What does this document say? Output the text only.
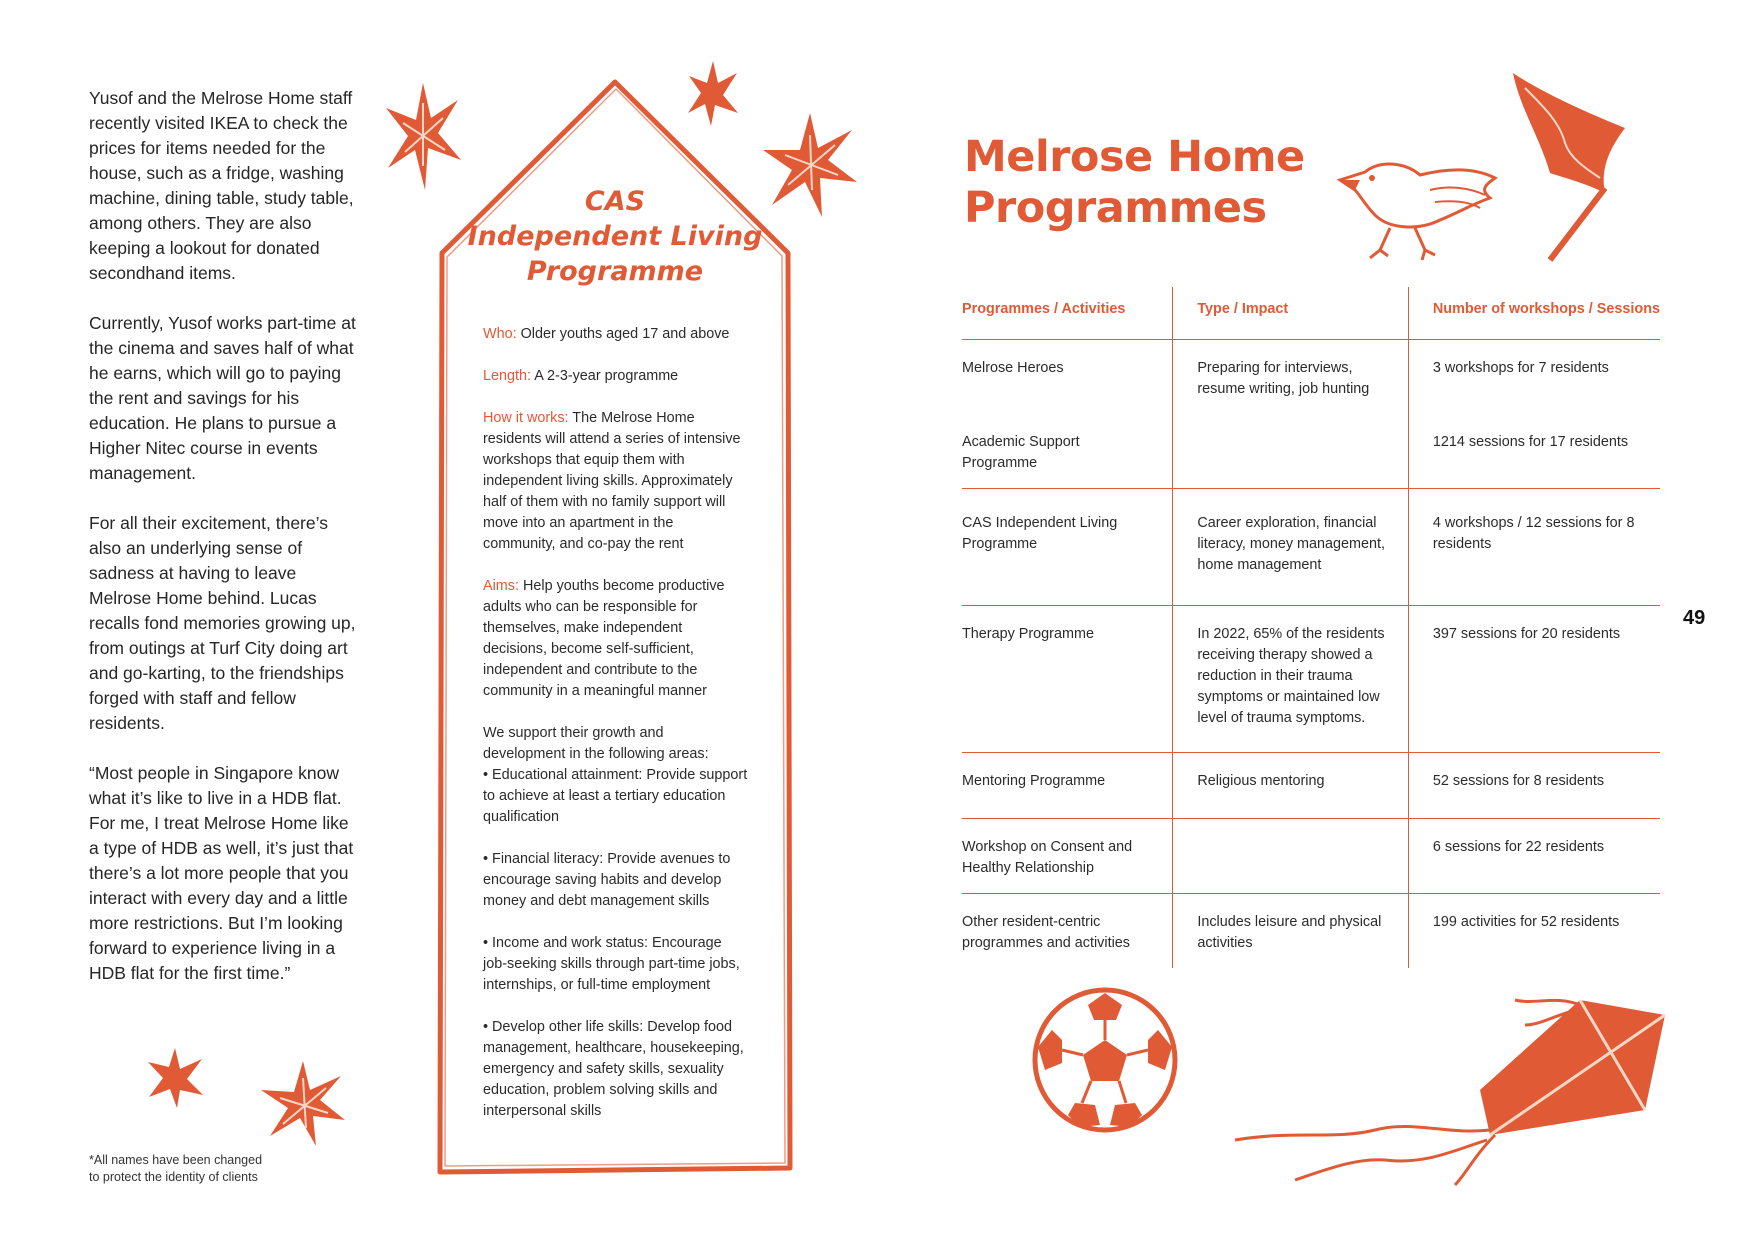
Yusof and the Melrose Home staff recently visited IKEA to check the prices for items needed for the house, such as a fridge, washing machine, dining table, study table, among others. They are also keeping a lookout for donated secondhand items.

Currently, Yusof works part-time at the cinema and saves half of what he earns, which will go to paying the rent and savings for his education. He plans to pursue a Higher Nitec course in events management.

For all their excitement, there’s also an underlying sense of sadness at having to leave Melrose Home behind. Lucas recalls fond memories growing up, from outings at Turf City doing art and go-karting, to the friendships forged with staff and fellow residents.

“Most people in Singapore know what it’s like to live in a HDB flat. For me, I treat Melrose Home like a type of HDB as well, it’s just that there’s a lot more people that you interact with every day and a little more restrictions. But I’m looking forward to experience living in a HDB flat for the first time.”

*All names have been changed
to protect the identity of clients
CAS
Independent Living
Programme
Who: Older youths aged 17 and above
Length: A 2-3-year programme
How it works: The Melrose Home residents will attend a series of intensive workshops that equip them with independent living skills. Approximately half of them with no family support will move into an apartment in the community, and co-pay the rent
Aims: Help youths become productive adults who can be responsible for themselves, make independent decisions, become self-sufficient, independent and contribute to the community in a meaningful manner
We support their growth and development in the following areas:
• Educational attainment: Provide support to achieve at least a tertiary education qualification
• Financial literacy: Provide avenues to encourage saving habits and develop money and debt management skills
• Income and work status: Encourage job-seeking skills through part-time jobs, internships, or full-time employment
• Develop other life skills: Develop food management, healthcare, housekeeping, emergency and safety skills, sexuality education, problem solving skills and interpersonal skills
Melrose Home
Programmes
Programmes / Activities	Type / Impact	Number of workshops / Sessions
Melrose Heroes	Preparing for interviews, resume writing, job hunting	3 workshops for 7 residents
Academic Support Programme		1214 sessions for 17 residents
CAS Independent Living Programme	Career exploration, financial literacy, money management, home management	4 workshops / 12 sessions for 8 residents
Therapy Programme	In 2022, 65% of the residents receiving therapy showed a reduction in their trauma symptoms or maintained low level of trauma symptoms.	397 sessions for 20 residents
Mentoring Programme	Religious mentoring	52 sessions for 8 residents
Workshop on Consent and Healthy Relationship		6 sessions for 22 residents
Other resident-centric programmes and activities	Includes leisure and physical activities	199 activities for 52 residents
49
